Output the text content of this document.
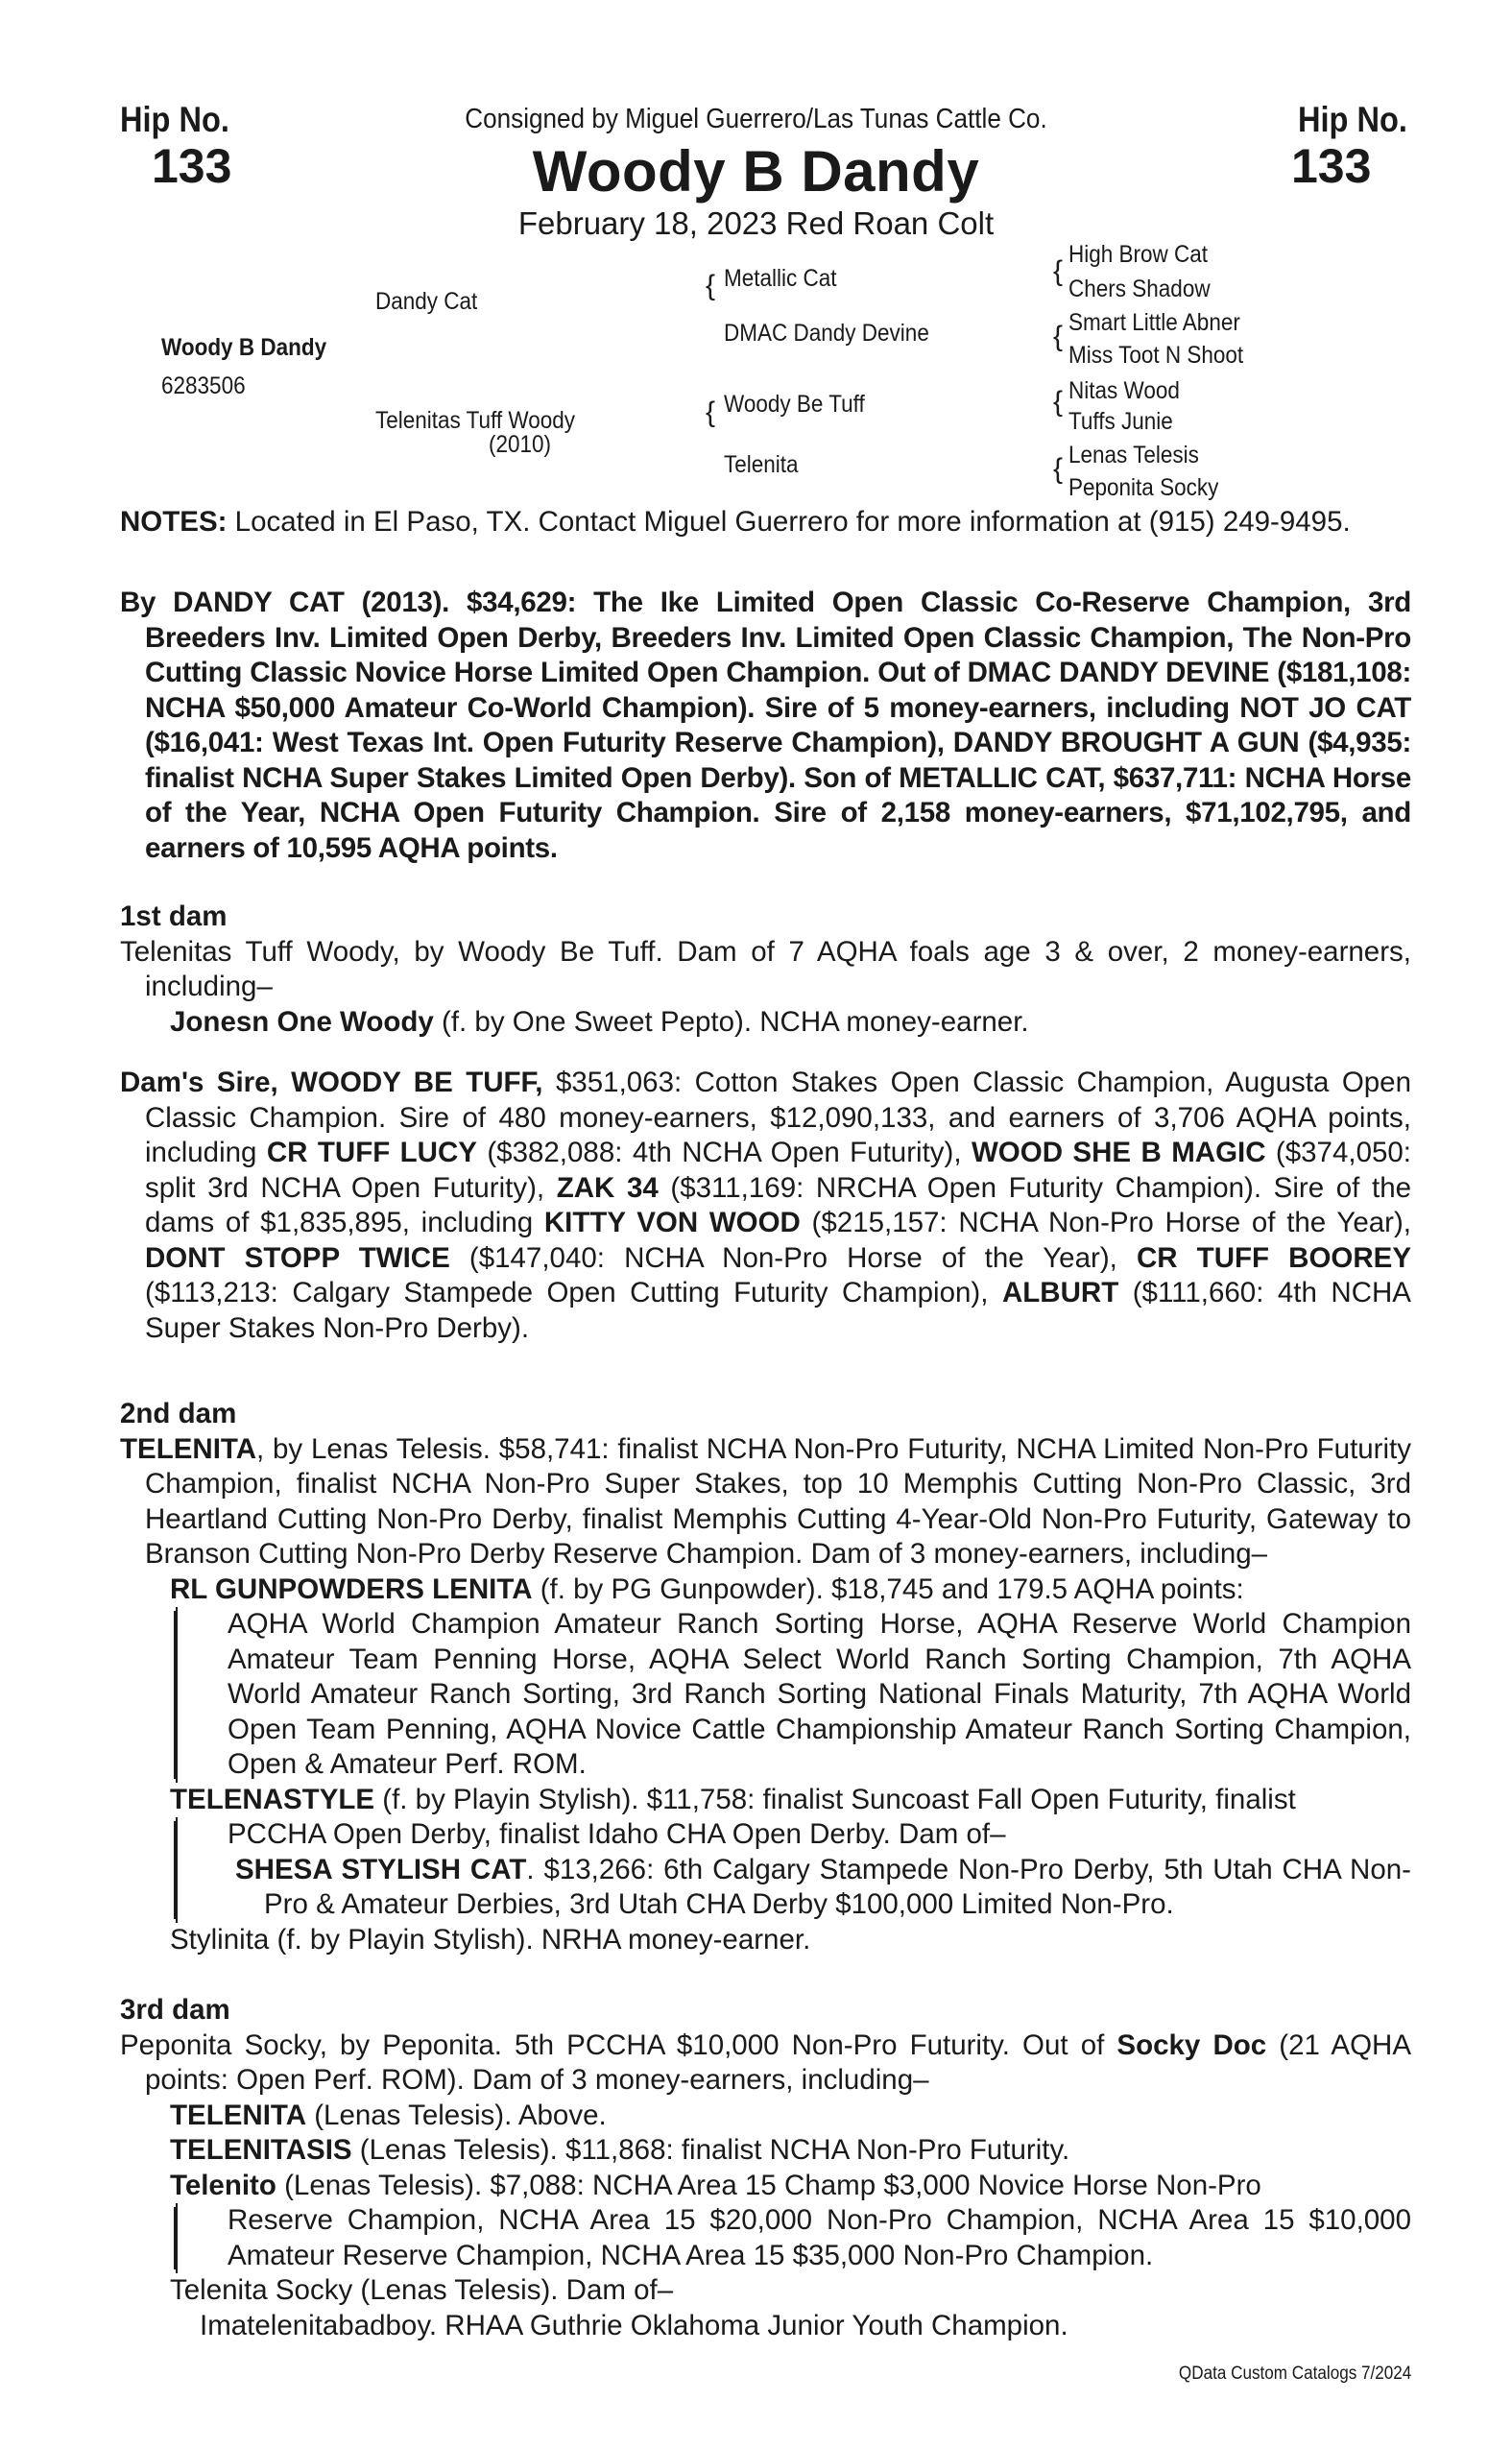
Hip No.
133
Hip No.
133
Consigned by Miguel Guerrero/Las Tunas Cattle Co.
Woody B Dandy
February 18, 2023 Red Roan Colt
Woody B Dandy
6283506
Dandy Cat
Telenitas Tuff Woody
(2010)
{ Metallic Cat
DMAC Dandy Devine
{ Woody Be Tuff
Telenita
{
High Brow Cat
Chers Shadow
{ Smart Little Abner
Miss Toot N Shoot
{ Nitas Wood
Tuffs Junie
{ Lenas Telesis
Peponita Socky

NOTES: Located in El Paso, TX. Contact Miguel Guerrero for more information at (915) 249-9495.

By DANDY CAT (2013). $34,629: The Ike Limited Open Classic Co-Reserve Champion, 3rd Breeders Inv. Limited Open Derby, Breeders Inv. Limited Open Classic Champion, The Non-Pro Cutting Classic Novice Horse Limited Open Champion. Out of DMAC DANDY DEVINE ($181,108: NCHA $50,000 Amateur Co-World Champion). Sire of 5 money-earners, including NOT JO CAT ($16,041: West Texas Int. Open Futurity Reserve Champion), DANDY BROUGHT A GUN ($4,935: finalist NCHA Super Stakes Limited Open Derby). Son of METALLIC CAT, $637,711: NCHA Horse of the Year, NCHA Open Futurity Champion. Sire of 2,158 money-earners, $71,102,795, and earners of 10,595 AQHA points.

1st dam

Telenitas Tuff Woody, by Woody Be Tuff. Dam of 7 AQHA foals age 3 & over, 2 money-earners, including–

Jonesn One Woody (f. by One Sweet Pepto). NCHA money-earner.

Dam's Sire, WOODY BE TUFF, $351,063: Cotton Stakes Open Classic Champion, Augusta Open Classic Champion. Sire of 480 money-earners, $12,090,133, and earners of 3,706 AQHA points, including CR TUFF LUCY ($382,088: 4th NCHA Open Futurity), WOOD SHE B MAGIC ($374,050: split 3rd NCHA Open Futurity), ZAK 34 ($311,169: NRCHA Open Futurity Champion). Sire of the dams of $1,835,895, including KITTY VON WOOD ($215,157: NCHA Non-Pro Horse of the Year), DONT STOPP TWICE ($147,040: NCHA Non-Pro Horse of the Year), CR TUFF BOOREY ($113,213: Calgary Stampede Open Cutting Futurity Champion), ALBURT ($111,660: 4th NCHA Super Stakes Non-Pro Derby).

2nd dam

TELENITA, by Lenas Telesis. $58,741: finalist NCHA Non-Pro Futurity, NCHA Limited Non-Pro Futurity Champion, finalist NCHA Non-Pro Super Stakes, top 10 Memphis Cutting Non-Pro Classic, 3rd Heartland Cutting Non-Pro Derby, finalist Memphis Cutting 4-Year-Old Non-Pro Futurity, Gateway to Branson Cutting Non-Pro Derby Reserve Champion. Dam of 3 money-earners, including–

RL GUNPOWDERS LENITA (f. by PG Gunpowder). $18,745 and 179.5 AQHA points:

AQHA World Champion Amateur Ranch Sorting Horse, AQHA Reserve World Champion Amateur Team Penning Horse, AQHA Select World Ranch Sorting Champion, 7th AQHA World Amateur Ranch Sorting, 3rd Ranch Sorting National Finals Maturity, 7th AQHA World Open Team Penning, AQHA Novice Cattle Championship Amateur Ranch Sorting Champion, Open & Amateur Perf. ROM.

TELENASTYLE (f. by Playin Stylish). $11,758: finalist Suncoast Fall Open Futurity, finalist

PCCHA Open Derby, finalist Idaho CHA Open Derby. Dam of–
SHESA STYLISH CAT. $13,266: 6th Calgary Stampede Non-Pro Derby, 5th Utah CHA Non-Pro & Amateur Derbies, 3rd Utah CHA Derby $100,000 Limited Non-Pro.

Stylinita (f. by Playin Stylish). NRHA money-earner.

3rd dam

Peponita Socky, by Peponita. 5th PCCHA $10,000 Non-Pro Futurity. Out of Socky Doc (21 AQHA points: Open Perf. ROM). Dam of 3 money-earners, including–

TELENITA (Lenas Telesis). Above.

TELENITASIS (Lenas Telesis). $11,868: finalist NCHA Non-Pro Futurity.

Telenito (Lenas Telesis). $7,088: NCHA Area 15 Champ $3,000 Novice Horse Non-Pro

Reserve Champion, NCHA Area 15 $20,000 Non-Pro Champion, NCHA Area 15 $10,000 Amateur Reserve Champion, NCHA Area 15 $35,000 Non-Pro Champion.

Telenita Socky (Lenas Telesis). Dam of–

Imatelenitabadboy. RHAA Guthrie Oklahoma Junior Youth Champion.

QData Custom Catalogs 7/2024
